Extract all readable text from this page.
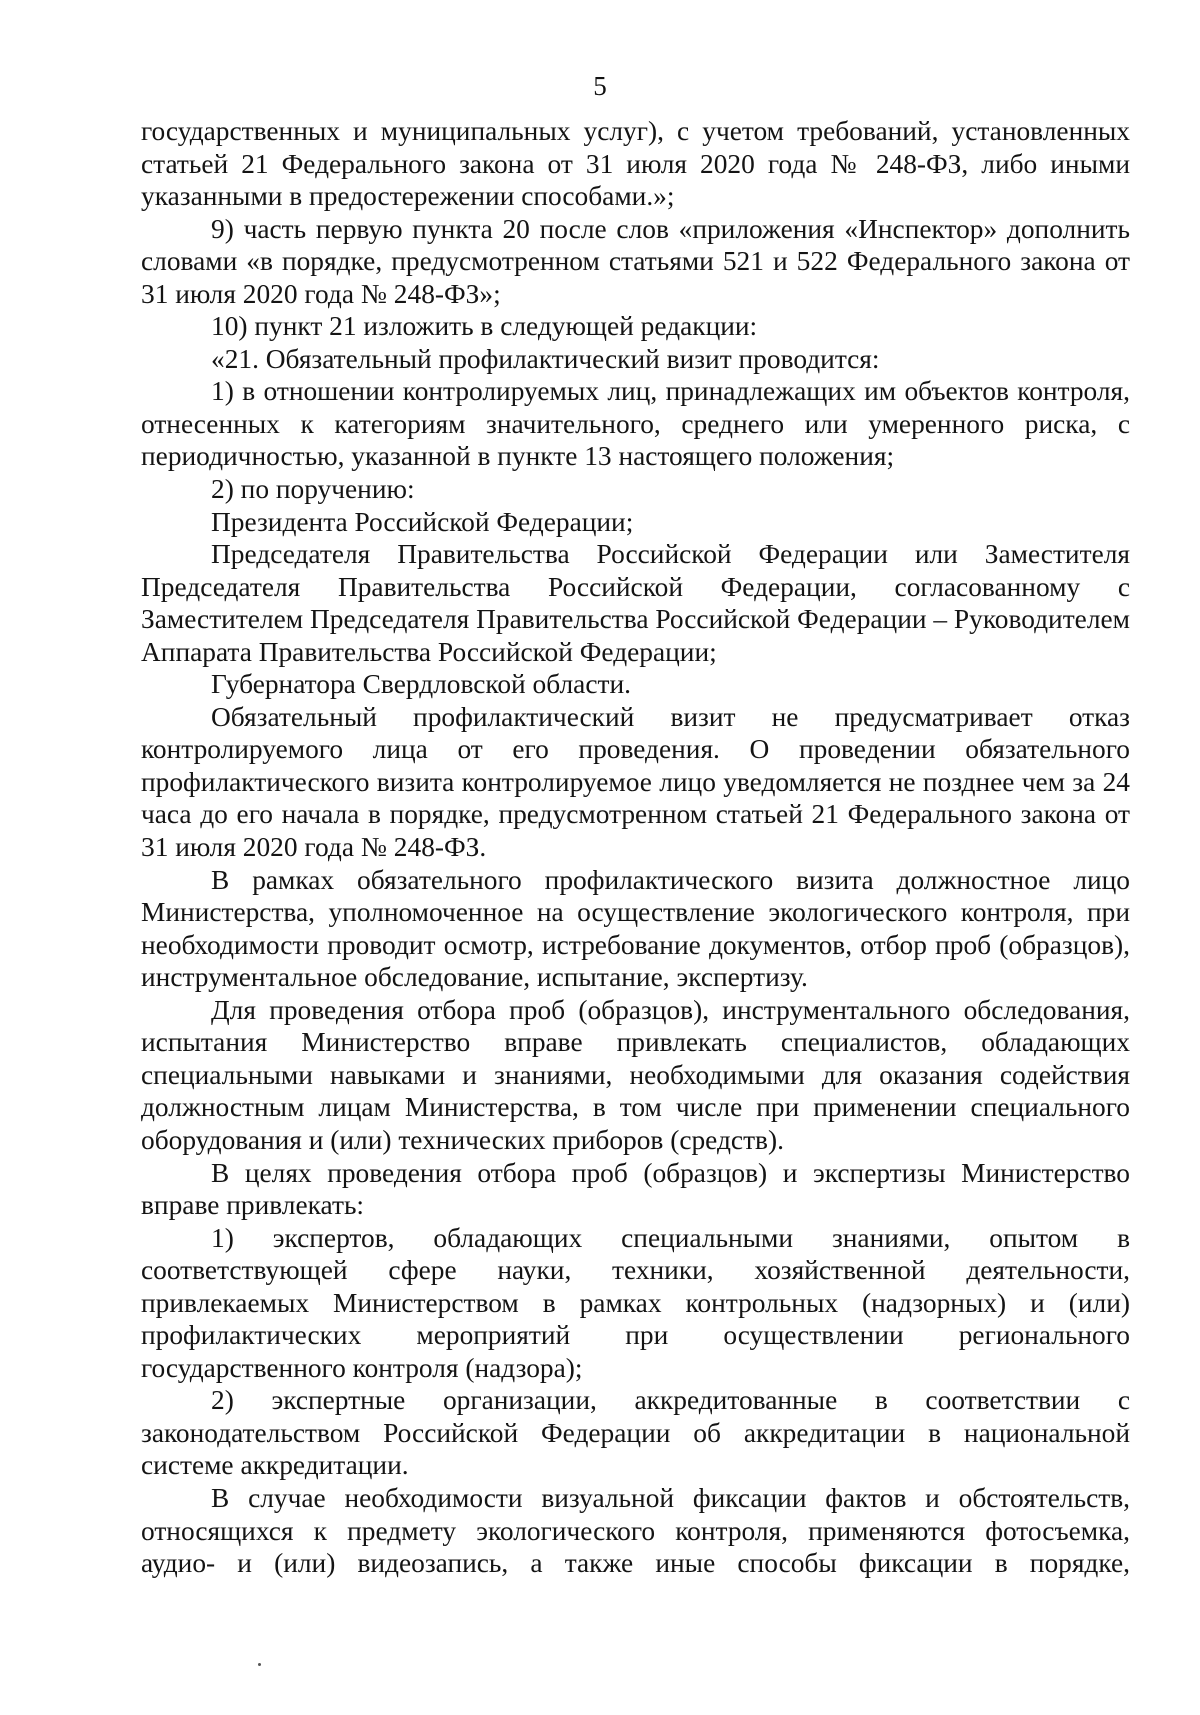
5

государственных и муниципальных услуг), с учетом требований, установленных статьей 21 Федерального закона от 31 июля 2020 года № 248-ФЗ, либо иными указанными в предостережении способами.»;

9) часть первую пункта 20 после слов «приложения «Инспектор» дополнить словами «в порядке, предусмотренном статьями 521 и 522 Федерального закона от 31 июля 2020 года № 248-ФЗ»;

10) пункт 21 изложить в следующей редакции:

«21. Обязательный профилактический визит проводится:

1) в отношении контролируемых лиц, принадлежащих им объектов контроля, отнесенных к категориям значительного, среднего или умеренного риска, с периодичностью, указанной в пункте 13 настоящего положения;

2) по поручению:

Президента Российской Федерации;

Председателя Правительства Российской Федерации или Заместителя Председателя Правительства Российской Федерации, согласованному с Заместителем Председателя Правительства Российской Федерации – Руководителем Аппарата Правительства Российской Федерации;

Губернатора Свердловской области.

Обязательный профилактический визит не предусматривает отказ контролируемого лица от его проведения. О проведении обязательного профилактического визита контролируемое лицо уведомляется не позднее чем за 24 часа до его начала в порядке, предусмотренном статьей 21 Федерального закона от 31 июля 2020 года № 248-ФЗ.

В рамках обязательного профилактического визита должностное лицо Министерства, уполномоченное на осуществление экологического контроля, при необходимости проводит осмотр, истребование документов, отбор проб (образцов), инструментальное обследование, испытание, экспертизу.

Для проведения отбора проб (образцов), инструментального обследования, испытания Министерство вправе привлекать специалистов, обладающих специальными навыками и знаниями, необходимыми для оказания содействия должностным лицам Министерства, в том числе при применении специального оборудования и (или) технических приборов (средств).

В целях проведения отбора проб (образцов) и экспертизы Министерство вправе привлекать:

1) экспертов, обладающих специальными знаниями, опытом в соответствующей сфере науки, техники, хозяйственной деятельности, привлекаемых Министерством в рамках контрольных (надзорных) и (или) профилактических мероприятий при осуществлении регионального государственного контроля (надзора);

2) экспертные организации, аккредитованные в соответствии с законодательством Российской Федерации об аккредитации в национальной системе аккредитации.

В случае необходимости визуальной фиксации фактов и обстоятельств, относящихся к предмету экологического контроля, применяются фотосъемка, аудио- и (или) видеозапись, а также иные способы фиксации в порядке,
